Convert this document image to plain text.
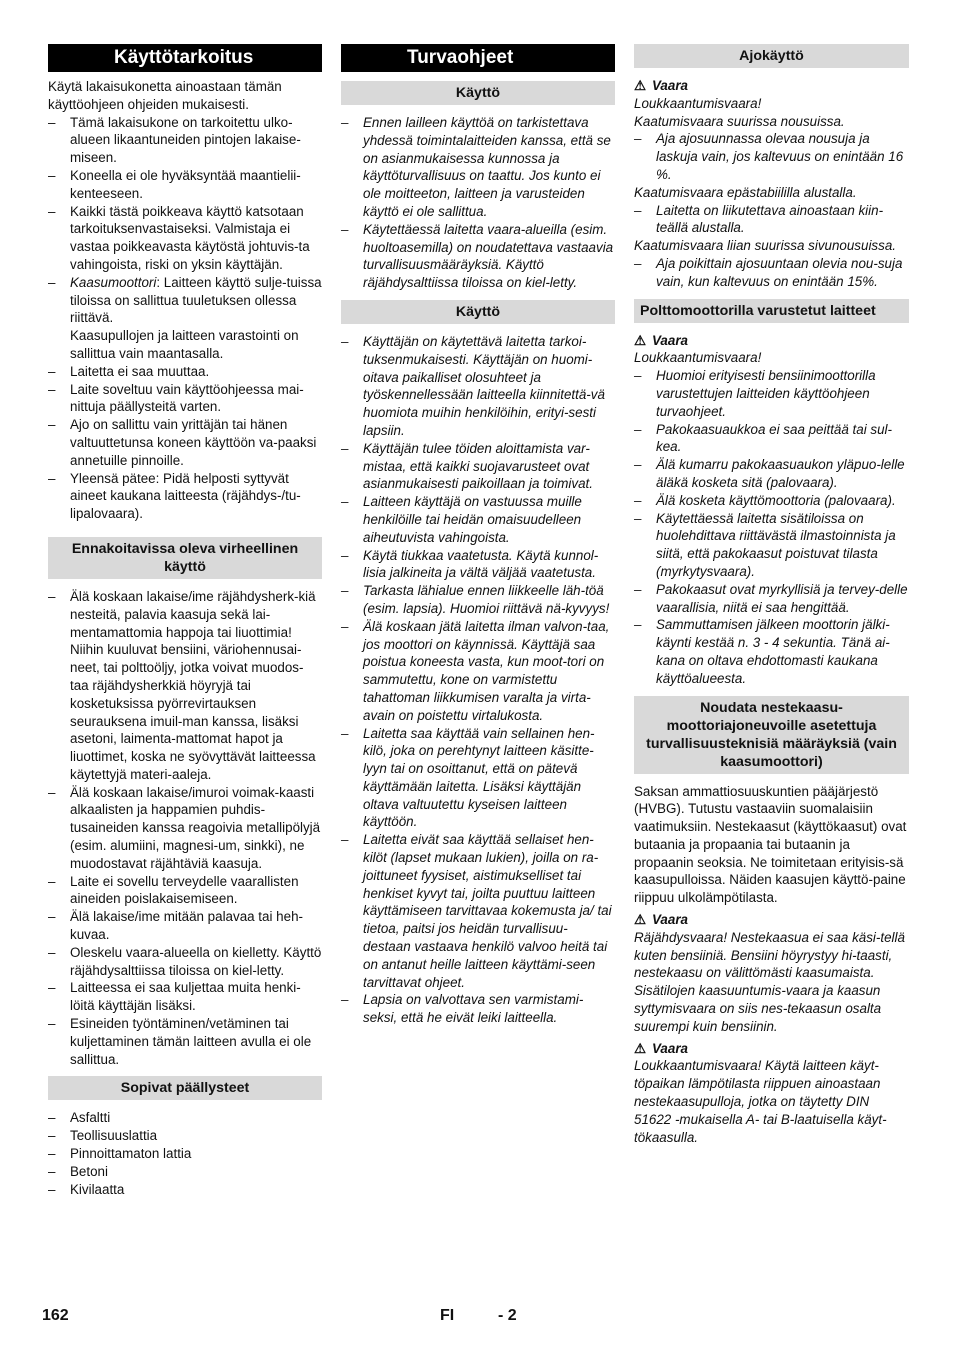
Käyttötarkoitus

Käytä lakaisukonetta ainoastaan tämän käyttöohjeen ohjeiden mukaisesti.

– Tämä lakaisukone on tarkoitettu ulko-alueen likaantuneiden pintojen lakaise-miseen.
– Koneella ei ole hyväksyntää maantielii-kenteeseen.
– Kaikki tästä poikkeava käyttö katsotaan tarkoituksenvastaiseksi. Valmistaja ei vastaa poikkeavasta käytöstä johtuvis-ta vahingoista, riski on yksin käyttäjän.
– Kaasumoottori: Laitteen käyttö sulje-tuissa tiloissa on sallittua tuuletuksen ollessa riittävä.

Kaasupullojen ja laitteen varastointi on sallittua vain maantasalla.

– Laitetta ei saa muuttaa.
– Laite soveltuu vain käyttöohjeessa mai-nittuja päällysteitä varten.
– Ajo on sallittu vain yrittäjän tai hänen valtuuttetunsa koneen käyttöön va-paaksi annetuille pinnoille.
– Yleensä pätee: Pidä helposti syttyvät aineet kaukana laitteesta (räjähdys-/tu-lipalovaara).
Ennakoitavissa oleva virheellinen käyttö
– Älä koskaan lakaise/ime räjähdysherk-kiä nesteitä, palavia kaasuja sekä lai-mentamattomia happoja tai liuottimia! Niihin kuuluvat bensiini, väriohennusai-neet, tai polttoöljy, jotka voivat muodos-taa räjähdysherkkiä höyryjä tai kosketuksissa pyörrevirtauksen seurauksena imuil-man kanssa, lisäksi asetoni, laimenta-mattomat hapot ja liuottimet, koska ne syövyttävät laitteessa käytettyjä materi-aaleja.
– Älä koskaan lakaise/imuroi voimak-kaasti alkaalisten ja happamien puhdis-tusaineiden kanssa reagoivia metallipölyjä (esim. alumiini, magnesi-um, sinkki), ne muodostavat räjähtäviä kaasuja.
– Laite ei sovellu terveydelle vaarallisten aineiden poislakaisemiseen.
– Älä lakaise/ime mitään palavaa tai heh-kuvaa.
– Oleskelu vaara-alueella on kielletty. Käyttö räjähdysalttiissa tiloissa on kiel-letty.
– Laitteessa ei saa kuljettaa muita henki-löitä käyttäjän lisäksi.
– Esineiden työntäminen/vetäminen tai kuljettaminen tämän laitteen avulla ei ole sallittua.
Sopivat päällysteet
– Asfaltti
– Teollisuuslattia
– Pinnoittamaton lattia
– Betoni
– Kivilaatta
Turvaohjeet
Käyttö
– Ennen lailleen käyttöä on tarkistettava yhdessä toimintalaitteiden kanssa, että se on asianmukaisessa kunnossa ja käyttöturvallisuus on taattu. Jos kunto ei ole moitteeton, laitteen ja varusteiden käyttö ei ole sallittua.
– Käytettäessä laitetta vaara-alueilla (esim. huoltoasemilla) on noudatettava vastaavia turvallisuusmääräyksiä. Käyttö räjähdysalttiissa tiloissa on kiel-letty.
Käyttö
– Käyttäjän on käytettävä laitetta tarkoi-tuksenmukaisesti. Käyttäjän on huomi-oitava paikalliset olosuhteet ja työskennellessään laitteella kiinnitettä-vä huomiota muihin henkilöihin, erityi-sesti lapsiin.
– Käyttäjän tulee töiden aloittamista var-mistaa, että kaikki suojavarusteet ovat asianmukaisesti paikoillaan ja toimivat.
– Laitteen käyttäjä on vastuussa muille henkilöille tai heidän omaisuudelleen aiheutuvista vahingoista.
– Käytä tiukkaa vaatetusta. Käytä kunnol-lisia jalkineita ja vältä väljää vaatetusta.
– Tarkasta lähialue ennen liikkeelle läh-töä (esim. lapsia). Huomioi riittävä nä-kyvyys!
– Älä koskaan jätä laitetta ilman valvon-taa, jos moottori on käynnissä. Käyttäjä saa poistua koneesta vasta, kun moot-tori on sammutettu, kone on varmistettu tahattoman liikkumisen varalta ja virta-avain on poistettu virtalukosta.
– Laitetta saa käyttää vain sellainen hen-kilö, joka on perehtynyt laitteen käsitte-lyyn tai on osoittanut, että on pätevä käyttämään laitetta. Lisäksi käyttäjän oltava valtuutettu kyseisen laitteen käyttöön.
– Laitetta eivät saa käyttää sellaiset hen-kilöt (lapset mukaan lukien), joilla on ra-joittuneet fyysiset, aistimukselliset tai henkiset kyvyt tai, joilta puuttuu laitteen käyttämiseen tarvittavaa kokemusta ja/ tai tietoa, paitsi jos heidän turvallisuu-destaan vastaava henkilö valvoo heitä tai on antanut heille laitteen käyttämi-seen tarvittavat ohjeet.
– Lapsia on valvottava sen varmistami-seksi, että he eivät leiki laitteella.
Ajokäyttö
⚠ Vaara

Loukkaantumisvaara!

Kaatumisvaara suurissa nousuissa.

– Aja ajosuunnassa olevaa nousuja ja laskuja vain, jos kaltevuus on enintään 16 %.

Kaatumisvaara epästabiililla alustalla.

– Laitetta on liikutettava ainoastaan kiin-teällä alustalla.

Kaatumisvaara liian suurissa sivunousuissa.

– Aja poikittain ajosuuntaan olevia nou-suja vain, kun kaltevuus on enintään 15%.
Polttomoottorilla varustetut laitteet
⚠ Vaara

Loukkaantumisvaara!

– Huomioi erityisesti bensiinimoottorilla varustettujen laitteiden käyttöohjeen turvaohjeet.
– Pakokaasuaukkoa ei saa peittää tai sul-kea.
– Älä kumarru pakokaasuaukon yläpuo-lelle äläkä kosketa sitä (palovaara).
– Älä kosketa käyttömoottoria (palovaara).
– Käytettäessä laitetta sisätiloissa on huolehdittava riittävästä ilmastoinnista ja siitä, että pakokaasut poistuvat tilasta (myrkytysvaara).
– Pakokaasut ovat myrkyllisiä ja tervey-delle vaarallisia, niitä ei saa hengittää.
– Sammuttamisen jälkeen moottorin jälki-käynti kestää n. 3 - 4 sekuntia. Tänä ai-kana on oltava ehdottomasti kaukana käyttöalueesta.
Noudata nestekaasu-moottoriajoneuvoille asetettuja turvallisuusteknisiä määräyksiä (vain kaasumoottori)

Saksan ammattiosuuskuntien pääjärjestö (HVBG). Tutustu vastaaviin suomalaisiin vaatimuksiin. Nestekaasut (käyttökaasut) ovat butaania ja propaania tai butaanin ja propaanin seoksia. Ne toimitetaan erityisis-sä kaasupulloissa. Näiden kaasujen käyttö-paine riippuu ulkolämpötilasta.

⚠ Vaara

Räjähdysvaara! Nestekaasua ei saa käsi-tellä kuten bensiiniä. Bensiini höyrystyy hi-taasti, nestekaasu on välittömästi kaasumaista. Sisätilojen kaasuuntumis-vaara ja kaasun syttymisvaara on siis nes-tekaasun osalta suurempi kuin bensiinin.

⚠ Vaara

Loukkaantumisvaara! Käytä laitteen käyt-töpaikan lämpötilasta riippuen ainoastaan nestekaasupulloja, jotka on täytetty DIN 51622 -mukaisella A- tai B-laatuisella käyt-tökaasulla.

162	FI	- 2
